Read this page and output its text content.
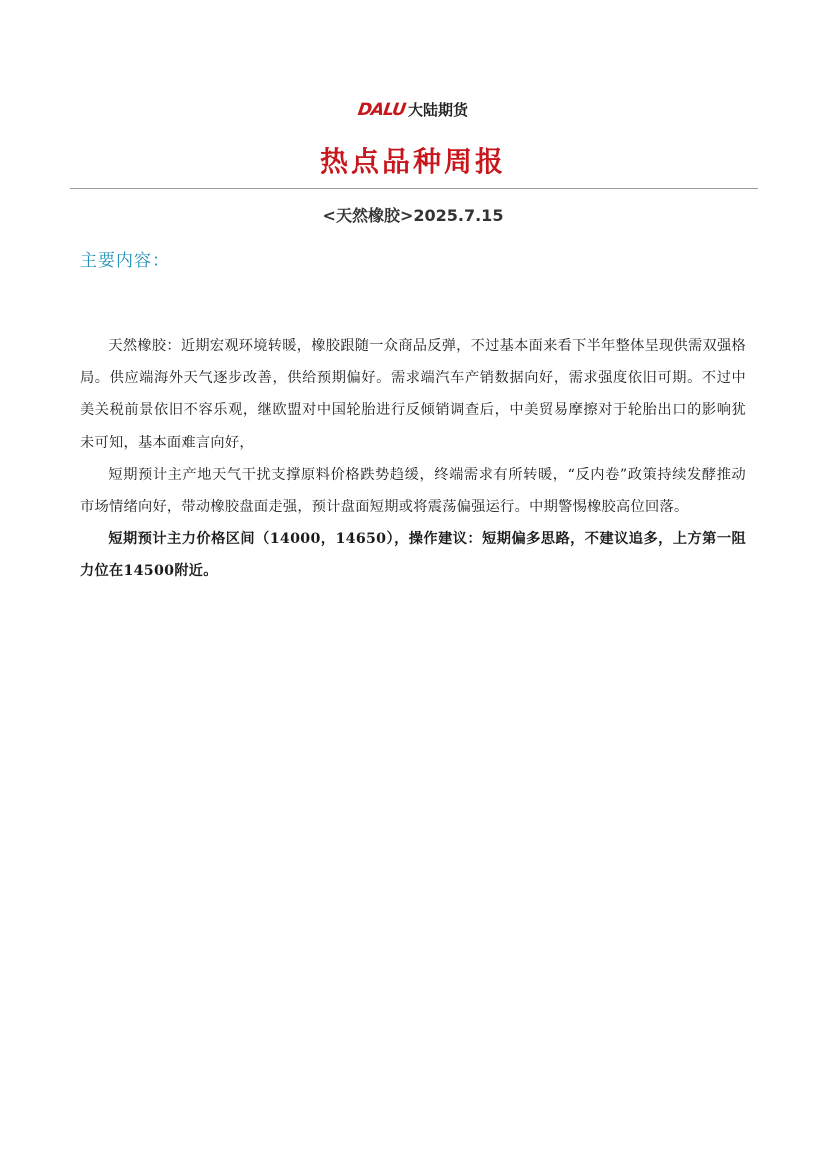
DALU 大陆期货
热点品种周报
<天然橡胶>2025.7.15
主要内容：

天然橡胶：近期宏观环境转暖，橡胶跟随一众商品反弹，不过基本面来看下半年整体呈现供需双强格局。供应端海外天气逐步改善，供给预期偏好。需求端汽车产销数据向好，需求强度依旧可期。不过中美关税前景依旧不容乐观，继欧盟对中国轮胎进行反倾销调查后，中美贸易摩擦对于轮胎出口的影响犹未可知，基本面难言向好，

短期预计主产地天气干扰支撑原料价格跌势趋缓，终端需求有所转暖，“反内卷”政策持续发酵推动市场情绪向好，带动橡胶盘面走强，预计盘面短期或将震荡偏强运行。中期警惕橡胶高位回落。

短期预计主力价格区间（14000，14650），操作建议：短期偏多思路，不建议追多，上方第一阻力位在14500附近。
